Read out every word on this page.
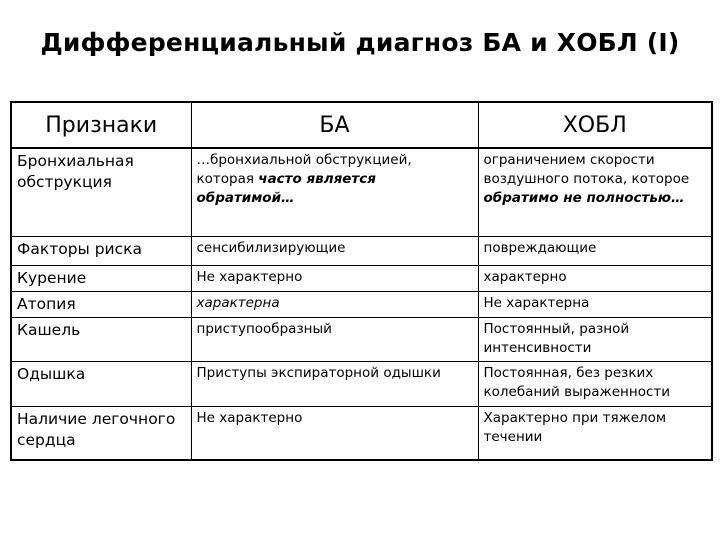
Дифференциальный диагноз БА и ХОБЛ (I)
Признаки	БА	ХОБЛ
Бронхиальная обструкция	…бронхиальной обструкцией, которая часто является обратимой…	ограничением скорости воздушного потока, которое обратимо не полностью…
Факторы риска	сенсибилизирующие	повреждающие
Курение	Не характерно	характерно
Атопия	характерна	Не характерна
Кашель	приступообразный	Постоянный, разной интенсивности
Одышка	Приступы экспираторной одышки	Постоянная, без резких колебаний выраженности
Наличие легочного сердца	Не характерно	Характерно при тяжелом течении
